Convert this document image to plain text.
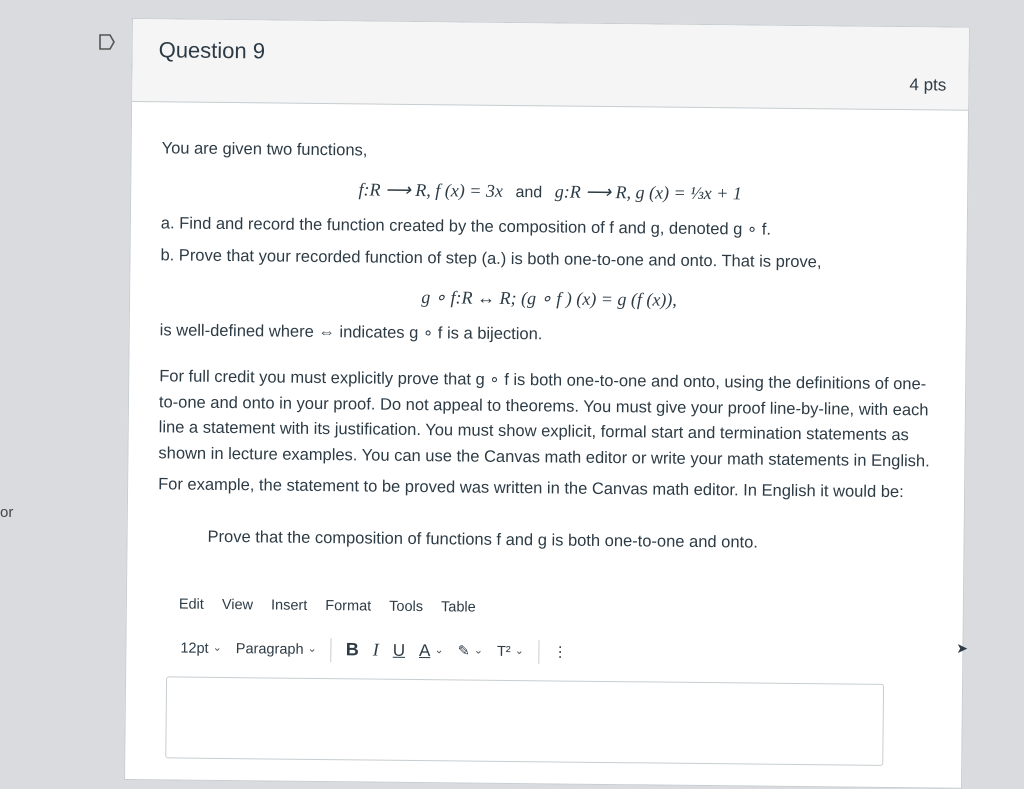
or
Question 9
4 pts
You are given two functions,
f:R ⟶ R, f (x) = 3x and g:R ⟶ R, g (x) = ⅓x + 1
a. Find and record the function created by the composition of f and g, denoted g ∘ f.
b. Prove that your recorded function of step (a.) is both one-to-one and onto. That is prove,
g ∘ f:R ↔ R; (g ∘ f ) (x) = g (f (x)),
is well-defined where ⇔ indicates g ∘ f is a bijection.
For full credit you must explicitly prove that g ∘ f is both one-to-one and onto, using the definitions of one-to-one and onto in your proof. Do not appeal to theorems. You must give your proof line-by-line, with each line a statement with its justification. You must show explicit, formal start and termination statements as shown in lecture examples. You can use the Canvas math editor or write your math statements in English.
For example, the statement to be proved was written in the Canvas math editor. In English it would be:
Prove that the composition of functions f and g is both one-to-one and onto.
Edit View Insert Format Tools Table
12pt ⌄ Paragraph ⌄ B I U A ⌄ ✎ ⌄ T² ⌄ ⋮	➤
